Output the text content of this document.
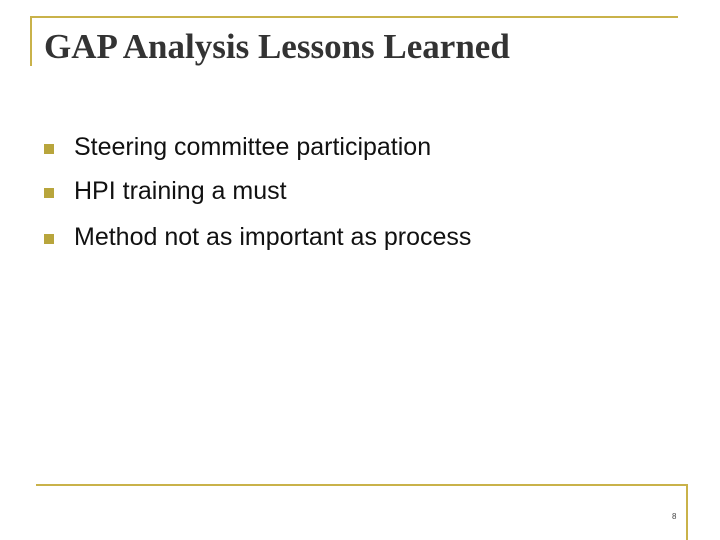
GAP Analysis Lessons Learned
Steering committee participation
HPI training a must
Method not as important as process
8
